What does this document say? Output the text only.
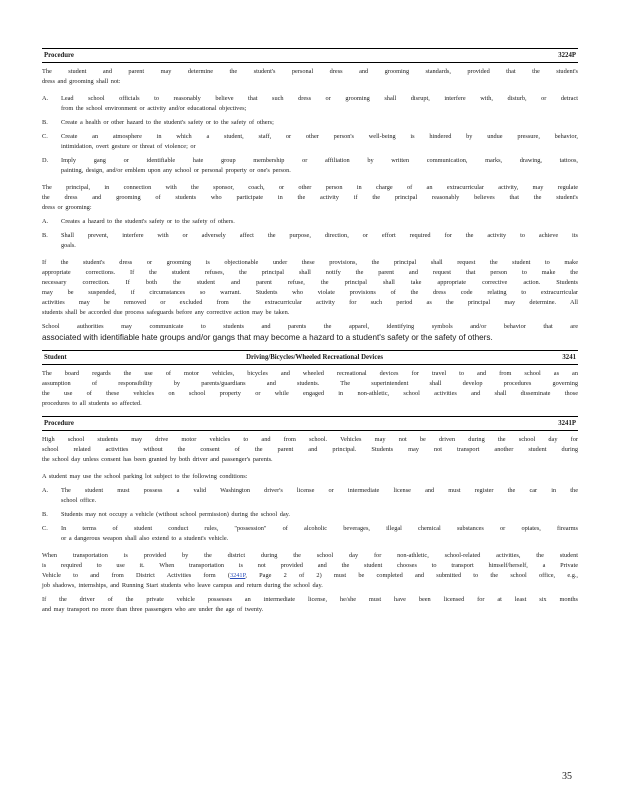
Procedure	3224P

The student and parent may determine the student's personal dress and grooming standards, provided that the student's

dress and grooming shall not:

A.	Lead school officials to reasonably believe that such dress or grooming shall disrupt, interfere with, disturb, or detract

from the school environment or activity and/or educational objectives;

B.	Create a health or other hazard to the student's safety or to the safety of others;

C.	Create an atmosphere in which a student, staff, or other person's well-being is hindered by undue pressure, behavior,

intimidation, overt gesture or threat of violence; or

D.	Imply gang or identifiable hate group membership or affiliation by written communication, marks, drawing, tattoos,

painting, design, and/or emblem upon any school or personal property or one's person.

The principal, in connection with the sponsor, coach, or other person in charge of an extracurricular activity, may regulate

the dress and grooming of students who participate in the activity if the principal reasonably believes that the student's

dress or grooming:

A.	Creates a hazard to the student's safety or to the safety of others.

B.	Shall prevent, interfere with or adversely affect the purpose, direction, or effort required for the activity to achieve its

goals.

If the student's dress or grooming is objectionable under these provisions, the principal shall request the student to make

appropriate corrections. If the student refuses, the principal shall notify the parent and request that person to make the

necessary correction. If both the student and parent refuse, the principal shall take appropriate corrective action. Students

may be suspended, if circumstances so warrant. Students who violate provisions of the dress code relating to extracurricular

activities may be removed or excluded from the extracurricular activity for such period as the principal may determine. All

students shall be accorded due process safeguards before any corrective action may be taken.

School authorities may communicate to students and parents the apparel, identifying symbols and/or behavior that are

associated with identifiable hate groups and/or gangs that may become a hazard to a student's safety or the safety of others.

Student	Driving/Bicycles/Wheeled Recreational Devices	3241

The board regards the use of motor vehicles, bicycles and wheeled recreational devices for travel to and from school as an

assumption of responsibility by parents/guardians and students. The superintendent shall develop procedures governing

the use of these vehicles on school property or while engaged in non-athletic, school activities and shall disseminate those

procedures to all students so affected.

Procedure	3241P

High school students may drive motor vehicles to and from school. Vehicles may not be driven during the school day for

school related activities without the consent of the parent and principal. Students may not transport another student during

the school day unless consent has been granted by both driver and passenger's parents.

A student may use the school parking lot subject to the following conditions:

A.	The student must possess a valid Washington driver's license or intermediate license and must register the car in the

school office.

B.	Students may not occupy a vehicle (without school permission) during the school day.

C.	In terms of student conduct rules, "possession" of alcoholic beverages, illegal chemical substances or opiates, firearms

or a dangerous weapon shall also extend to a student's vehicle.

When transportation is provided by the district during the school day for non-athletic, school-related activities, the student

is required to use it. When transportation is not provided and the student chooses to transport himself/herself, a Private

Vehicle to and from District Activities form (3241P, Page 2 of 2) must be completed and submitted to the school office, e.g.,

job shadows, internships, and Running Start students who leave campus and return during the school day.

If the driver of the private vehicle possesses an intermediate license, he/she must have been licensed for at least six months

and may transport no more than three passengers who are under the age of twenty.

35
